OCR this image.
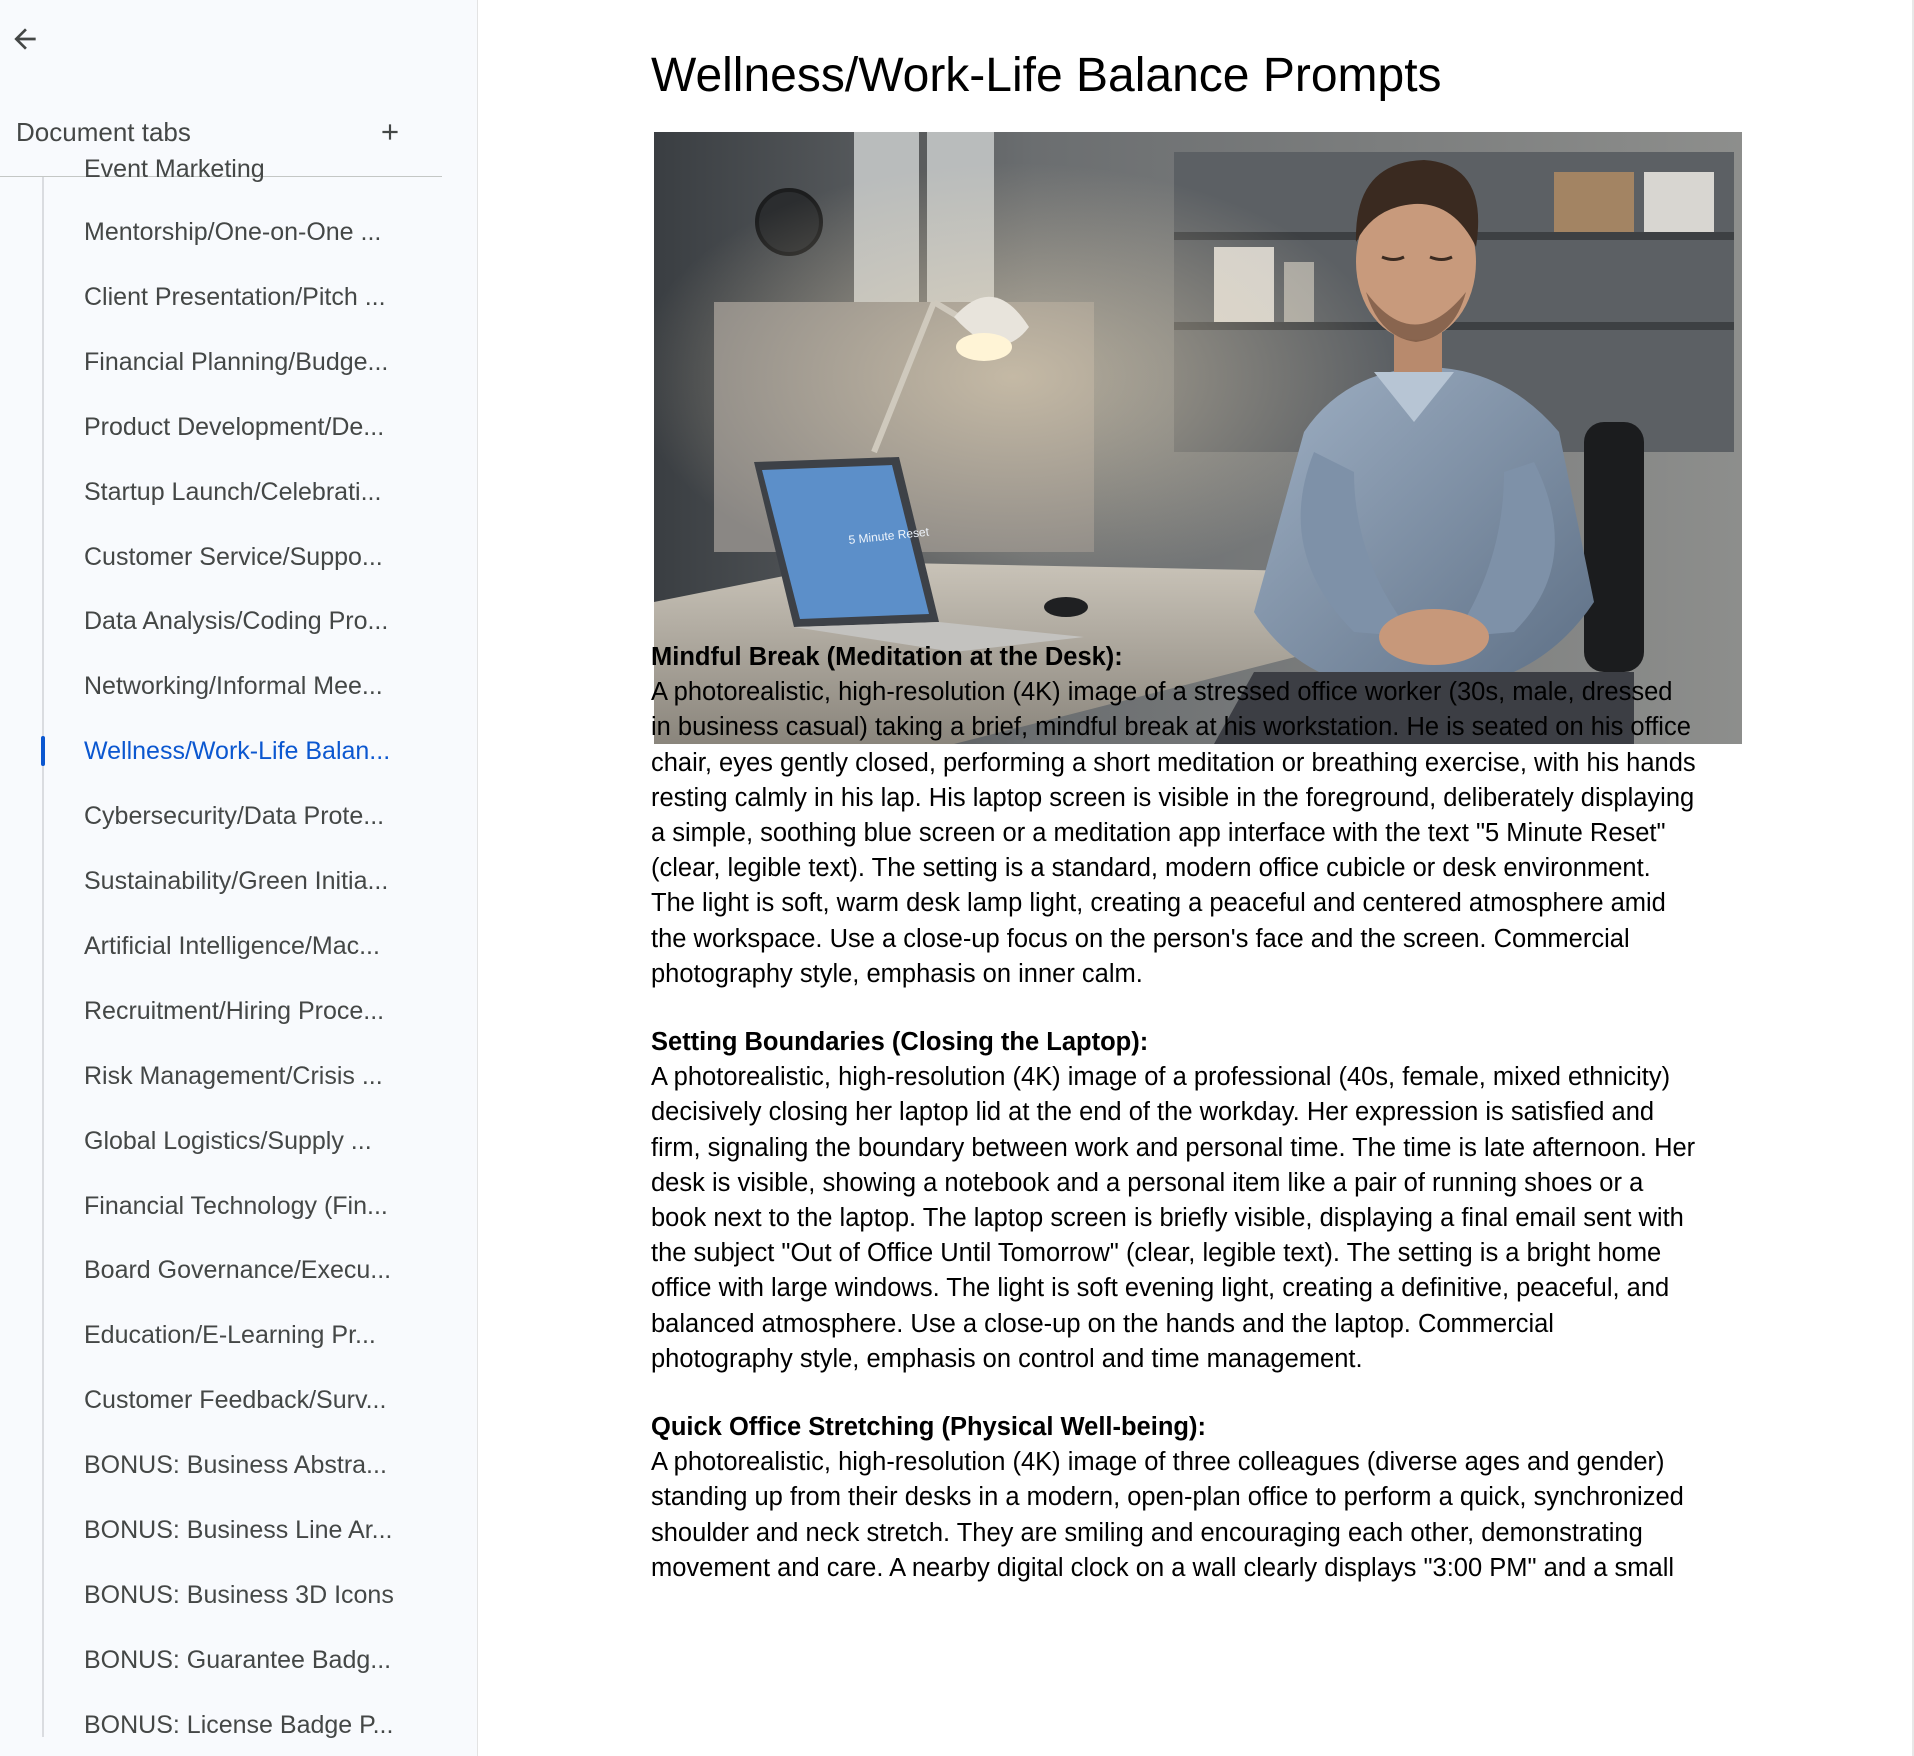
Document tabs
Event Marketing
Mentorship/One-on-One ...
Client Presentation/Pitch ...
Financial Planning/Budge...
Product Development/De...
Startup Launch/Celebrati...
Customer Service/Suppo...
Data Analysis/Coding Pro...
Networking/Informal Mee...
Wellness/Work-Life Balan...
Cybersecurity/Data Prote...
Sustainability/Green Initia...
Artificial Intelligence/Mac...
Recruitment/Hiring Proce...
Risk Management/Crisis ...
Global Logistics/Supply ...
Financial Technology (Fin...
Board Governance/Execu...
Education/E-Learning Pr...
Customer Feedback/Surv...
BONUS: Business Abstra...
BONUS: Business Line Ar...
BONUS: Business 3D Icons
BONUS: Guarantee Badg...
BONUS: License Badge P...
Wellness/Work-Life Balance Prompts
5 Minute Reset
Mindful Break (Meditation at the Desk):
A photorealistic, high-resolution (4K) image of a stressed office worker (30s, male, dressed
in business casual) taking a brief, mindful break at his workstation. He is seated on his office
chair, eyes gently closed, performing a short meditation or breathing exercise, with his hands
resting calmly in his lap. His laptop screen is visible in the foreground, deliberately displaying
a simple, soothing blue screen or a meditation app interface with the text "5 Minute Reset"
(clear, legible text). The setting is a standard, modern office cubicle or desk environment.
The light is soft, warm desk lamp light, creating a peaceful and centered atmosphere amid
the workspace. Use a close-up focus on the person's face and the screen. Commercial
photography style, emphasis on inner calm.
Setting Boundaries (Closing the Laptop):
A photorealistic, high-resolution (4K) image of a professional (40s, female, mixed ethnicity)
decisively closing her laptop lid at the end of the workday. Her expression is satisfied and
firm, signaling the boundary between work and personal time. The time is late afternoon. Her
desk is visible, showing a notebook and a personal item like a pair of running shoes or a
book next to the laptop. The laptop screen is briefly visible, displaying a final email sent with
the subject "Out of Office Until Tomorrow" (clear, legible text). The setting is a bright home
office with large windows. The light is soft evening light, creating a definitive, peaceful, and
balanced atmosphere. Use a close-up on the hands and the laptop. Commercial
photography style, emphasis on control and time management.
Quick Office Stretching (Physical Well-being):
A photorealistic, high-resolution (4K) image of three colleagues (diverse ages and gender)
standing up from their desks in a modern, open-plan office to perform a quick, synchronized
shoulder and neck stretch. They are smiling and encouraging each other, demonstrating
movement and care. A nearby digital clock on a wall clearly displays "3:00 PM" and a small
